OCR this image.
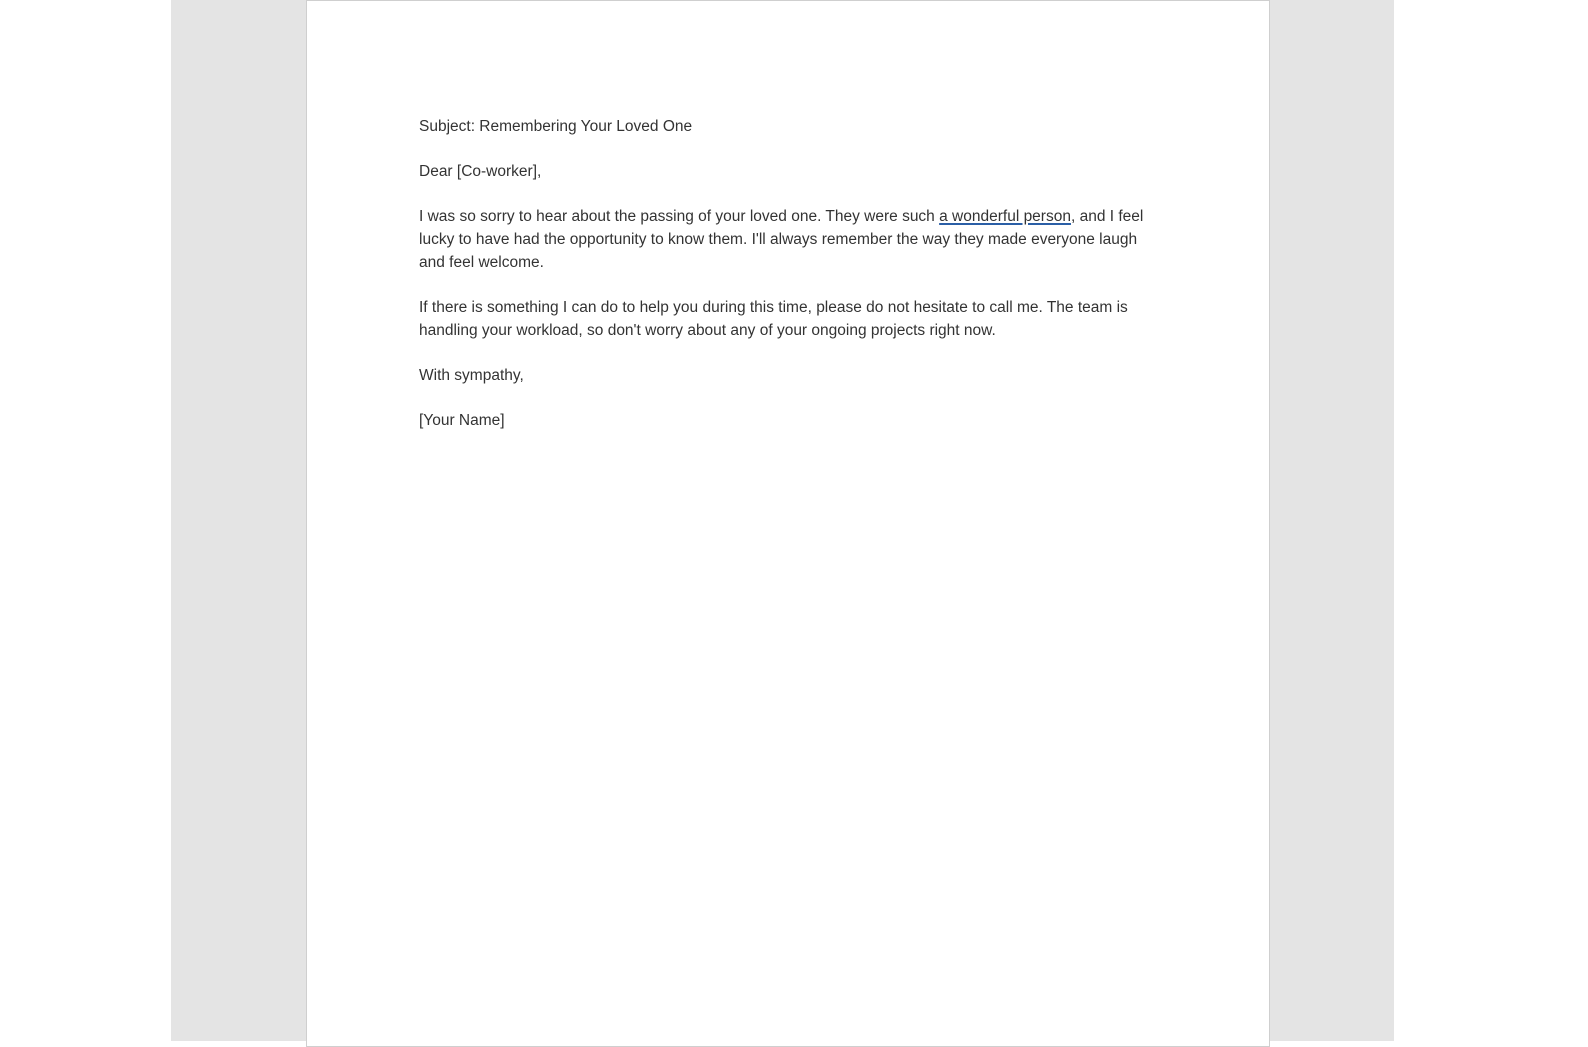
Subject: Remembering Your Loved One

Dear [Co-worker],

I was so sorry to hear about the passing of your loved one. They were such a wonderful person, and I feel lucky to have had the opportunity to know them. I'll always remember the way they made everyone laugh and feel welcome.

If there is something I can do to help you during this time, please do not hesitate to call me. The team is handling your workload, so don't worry about any of your ongoing projects right now.

With sympathy,

[Your Name]
